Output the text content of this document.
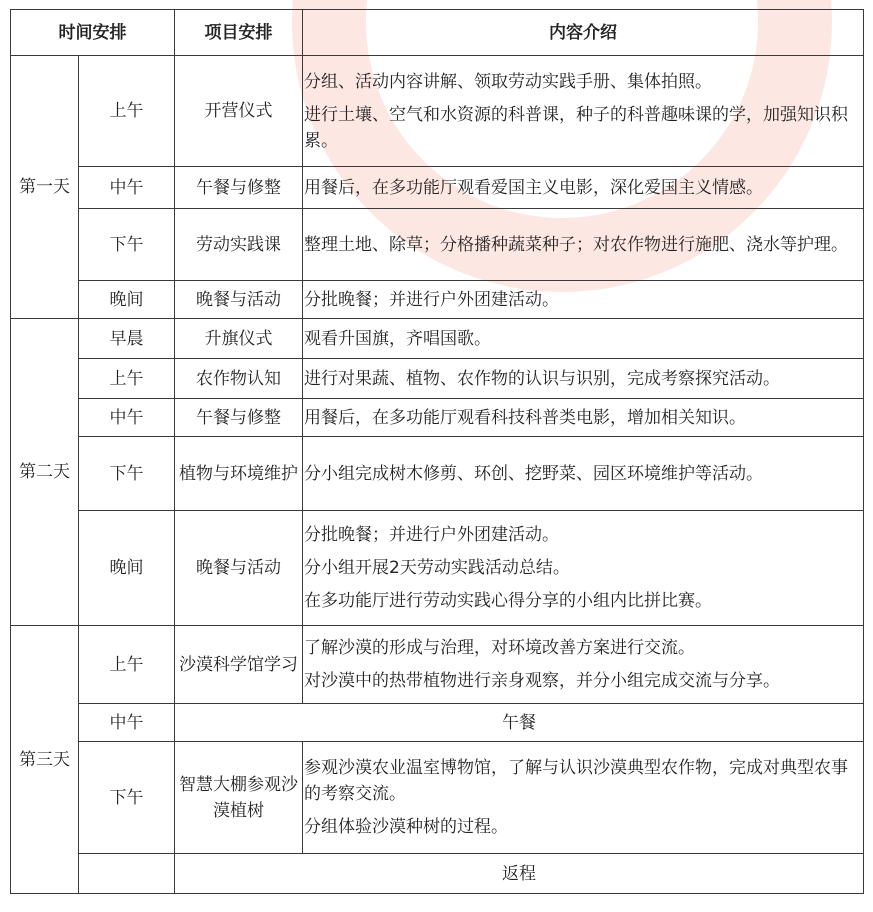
时间安排		项目安排	内容介绍
第一天	上午	开营仪式	分组、活动内容讲解、领取劳动实践手册、集体拍照。
进行土壤、空气和水资源的科普课，种子的科普趣味课的学，加强知识积累。

	中午	午餐与修整	用餐后，在多功能厅观看爱国主义电影，深化爱国主义情感。

	下午	劳动实践课	整理土地、除草；分格播种蔬菜种子；对农作物进行施肥、浇水等护理。

	晚间	晚餐与活动	分批晚餐；并进行户外团建活动。

第二天	早晨	升旗仪式	观看升国旗，齐唱国歌。

	上午	农作物认知	进行对果蔬、植物、农作物的认识与识别，完成考察探究活动。

	中午	午餐与修整	用餐后，在多功能厅观看科技科普类电影，增加相关知识。

	下午	植物与环境维护	分小组完成树木修剪、环创、挖野菜、园区环境维护等活动。

	晚间	晚餐与活动	分批晚餐；并进行户外团建活动。
分小组开展2天劳动实践活动总结。
在多功能厅进行劳动实践心得分享的小组内比拼比赛。

第三天	上午	沙漠科学馆学习	了解沙漠的形成与治理，对环境改善方案进行交流。
对沙漠中的热带植物进行亲身观察，并分小组完成交流与分享。

	中午	午餐	
	下午	智慧大棚参观沙漠植树	参观沙漠农业温室博物馆，了解与认识沙漠典型农作物，完成对典型农事的考察交流。
分组体验沙漠种树的过程。

		返程	
